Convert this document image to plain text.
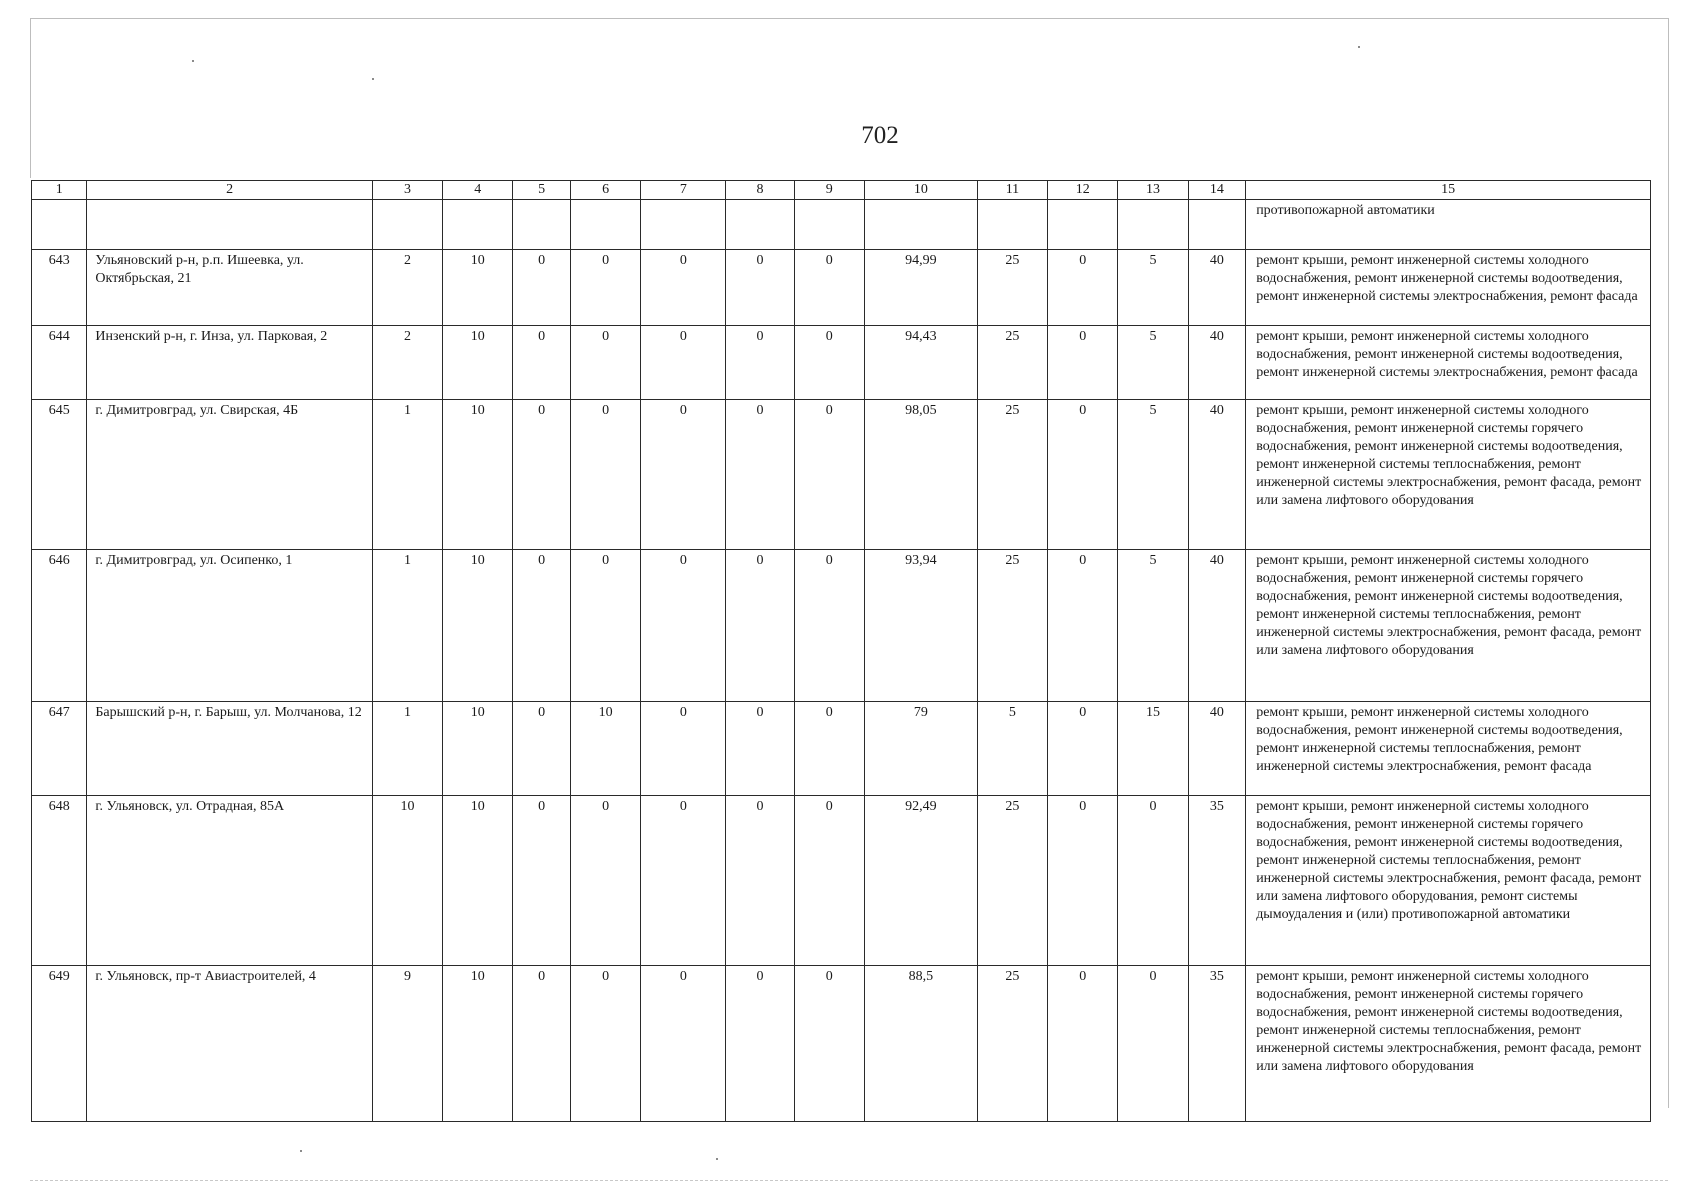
702
1	2	3	4	5	6	7	8	9	10	11	12	13	14	15
														противопожарной автоматики
643	Ульяновский р-н, р.п. Ишеевка, ул. Октябрьская, 21	2	10	0	0	0	0	0	94,99	25	0	5	40	ремонт крыши, ремонт инженерной системы холодного водоснабжения, ремонт инженерной системы водоотведения, ремонт инженерной системы электроснабжения, ремонт фасада
644	Инзенский р-н, г. Инза, ул. Парковая, 2	2	10	0	0	0	0	0	94,43	25	0	5	40	ремонт крыши, ремонт инженерной системы холодного водоснабжения, ремонт инженерной системы водоотведения, ремонт инженерной системы электроснабжения, ремонт фасада
645	г. Димитровград, ул. Свирская, 4Б	1	10	0	0	0	0	0	98,05	25	0	5	40	ремонт крыши, ремонт инженерной системы холодного водоснабжения, ремонт инженерной системы горячего водоснабжения, ремонт инженерной системы водоотведения, ремонт инженерной системы теплоснабжения, ремонт инженерной системы электроснабжения, ремонт фасада, ремонт или замена лифтового оборудования
646	г. Димитровград, ул. Осипенко, 1	1	10	0	0	0	0	0	93,94	25	0	5	40	ремонт крыши, ремонт инженерной системы холодного водоснабжения, ремонт инженерной системы горячего водоснабжения, ремонт инженерной системы водоотведения, ремонт инженерной системы теплоснабжения, ремонт инженерной системы электроснабжения, ремонт фасада, ремонт или замена лифтового оборудования
647	Барышский р-н, г. Барыш, ул. Молчанова, 12	1	10	0	10	0	0	0	79	5	0	15	40	ремонт крыши, ремонт инженерной системы холодного водоснабжения, ремонт инженерной системы водоотведения, ремонт инженерной системы теплоснабжения, ремонт инженерной системы электроснабжения, ремонт фасада
648	г. Ульяновск, ул. Отрадная, 85А	10	10	0	0	0	0	0	92,49	25	0	0	35	ремонт крыши, ремонт инженерной системы холодного водоснабжения, ремонт инженерной системы горячего водоснабжения, ремонт инженерной системы водоотведения, ремонт инженерной системы теплоснабжения, ремонт инженерной системы электроснабжения, ремонт фасада, ремонт или замена лифтового оборудования, ремонт системы дымоудаления и (или) противопожарной автоматики
649	г. Ульяновск, пр-т Авиастроителей, 4	9	10	0	0	0	0	0	88,5	25	0	0	35	ремонт крыши, ремонт инженерной системы холодного водоснабжения, ремонт инженерной системы горячего водоснабжения, ремонт инженерной системы водоотведения, ремонт инженерной системы теплоснабжения, ремонт инженерной системы электроснабжения, ремонт фасада, ремонт или замена лифтового оборудования
